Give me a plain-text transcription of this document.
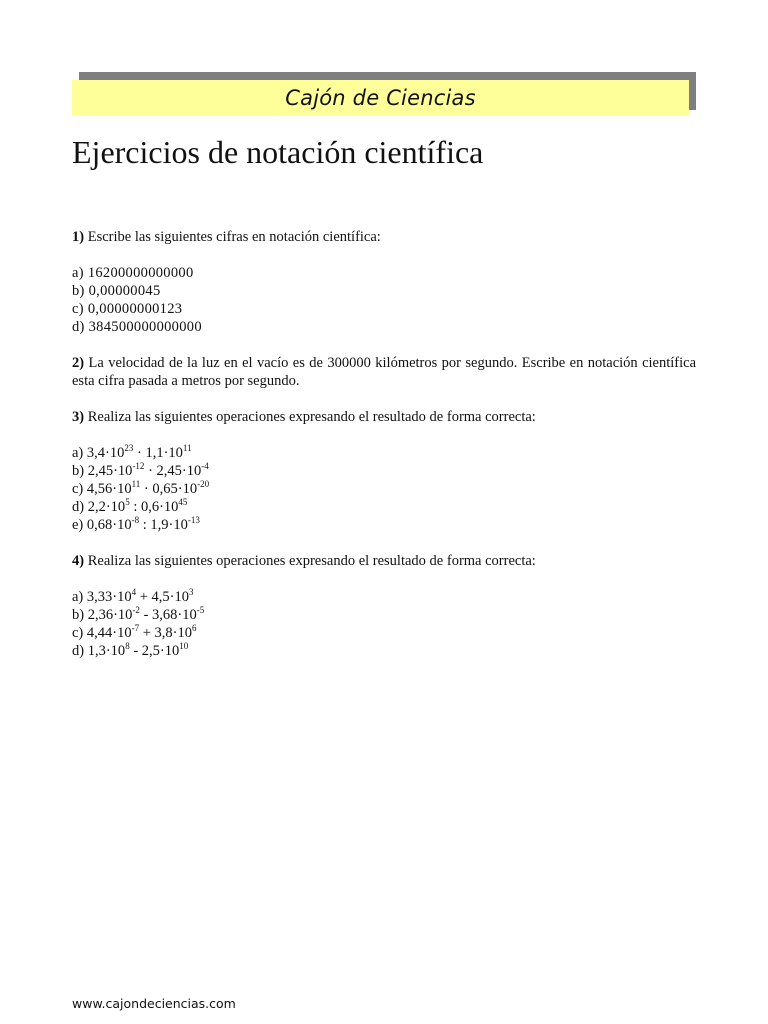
Cajón de Ciencias
Ejercicios de notación científica

1) Escribe las siguientes cifras en notación científica:

a) 16200000000000
b) 0,00000045
c) 0,00000000123
d) 384500000000000

2) La velocidad de la luz en el vacío es de 300000 kilómetros por segundo. Escribe en notación científica esta cifra pasada a metros por segundo.

3) Realiza las siguientes operaciones expresando el resultado de forma correcta:

a) $3,4\cdot 10^{23} \cdot 1,1\cdot 10^{11}$
b) $2,45\cdot 10^{-12} \cdot 2,45\cdot 10^{-4}$
c) $4,56\cdot 10^{11} \cdot 0,65\cdot 10^{-20}$
d) $2,2\cdot 10^5$ : $0,6\cdot 10^{45}$
e) $0,68\cdot 10^{-8}$ : $1,9\cdot 10^{-13}$

4) Realiza las siguientes operaciones expresando el resultado de forma correcta:

a) $3,33\cdot 10^4 + 4,5\cdot 10^3$
b) $2,36\cdot 10^{-2} - 3,68\cdot 10^{-5}$
c) $4,44\cdot 10^{-7} + 3,8\cdot 10^6$
d) $1,3\cdot 10^8 - 2,5\cdot 10^{10}$
www.cajondeciencias.com
